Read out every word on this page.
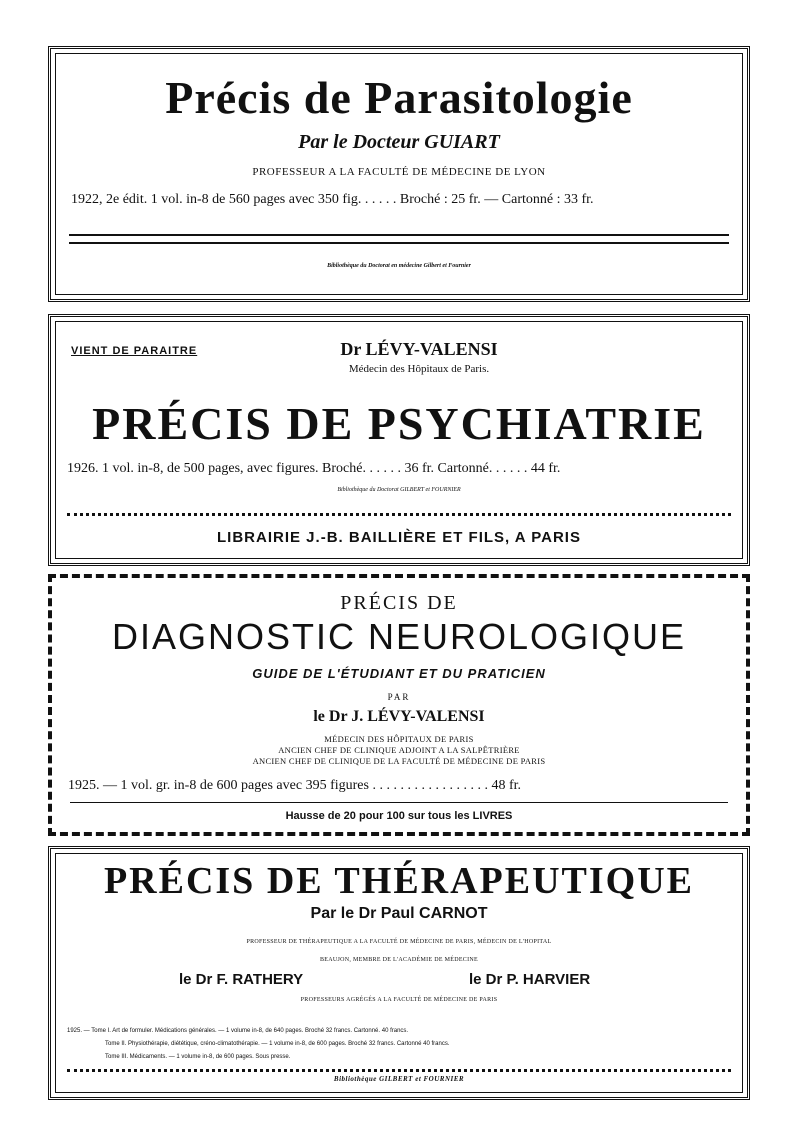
Précis de Parasitologie
Par le Docteur GUIART
PROFESSEUR A LA FACULTÉ DE MÉDECINE DE LYON
1922, 2e édit. 1 vol. in-8 de 560 pages avec 350 fig. . . . . . Broché : 25 fr. — Cartonné : 33 fr.
Bibliothèque du Doctorat en médecine Gilbert et Fournier
VIENT DE PARAITRE	Dr LÉVY-VALENSI
Médecin des Hôpitaux de Paris.
PRÉCIS DE PSYCHIATRIE
1926. 1 vol. in-8, de 500 pages, avec figures. Broché. . . . . . 36 fr. Cartonné. . . . . . 44 fr.
Bibliothèque du Doctorat GILBERT et FOURNIER
LIBRAIRIE J.-B. BAILLIÈRE ET FILS, A PARIS
PRÉCIS DE
DIAGNOSTIC NEUROLOGIQUE
GUIDE DE L'ÉTUDIANT ET DU PRATICIEN
PAR
le Dr J. LÉVY-VALENSI
MÉDECIN DES HÔPITAUX DE PARIS
ANCIEN CHEF DE CLINIQUE ADJOINT A LA SALPÊTRIÈRE
ANCIEN CHEF DE CLINIQUE DE LA FACULTÉ DE MÉDECINE DE PARIS
1925. — 1 vol. gr. in-8 de 600 pages avec 395 figures . . . . . . . . . . . . . . . . . 48 fr.
Hausse de 20 pour 100 sur tous les LIVRES
PRÉCIS DE THÉRAPEUTIQUE
Par le Dr Paul CARNOT
PROFESSEUR DE THÉRAPEUTIQUE A LA FACULTÉ DE MÉDECINE DE PARIS, MÉDECIN DE L'HOPITAL
BEAUJON, MEMBRE DE L'ACADÉMIE DE MÉDECINE
le Dr F. RATHERY	le Dr P. HARVIER
PROFESSEURS AGRÉGÉS A LA FACULTÉ DE MÉDECINE DE PARIS
1925. — Tome I. Art de formuler. Médications générales. — 1 volume in-8, de 640 pages. Broché 32 francs. Cartonné. 40 francs.
Tome II. Physiothérapie, diététique, créno-climatothérapie. — 1 volume in-8, de 600 pages. Broché 32 francs. Cartonné 40 francs.
Tome III. Médicaments. — 1 volume in-8, de 600 pages. Sous presse.
Bibliothèque GILBERT et FOURNIER
